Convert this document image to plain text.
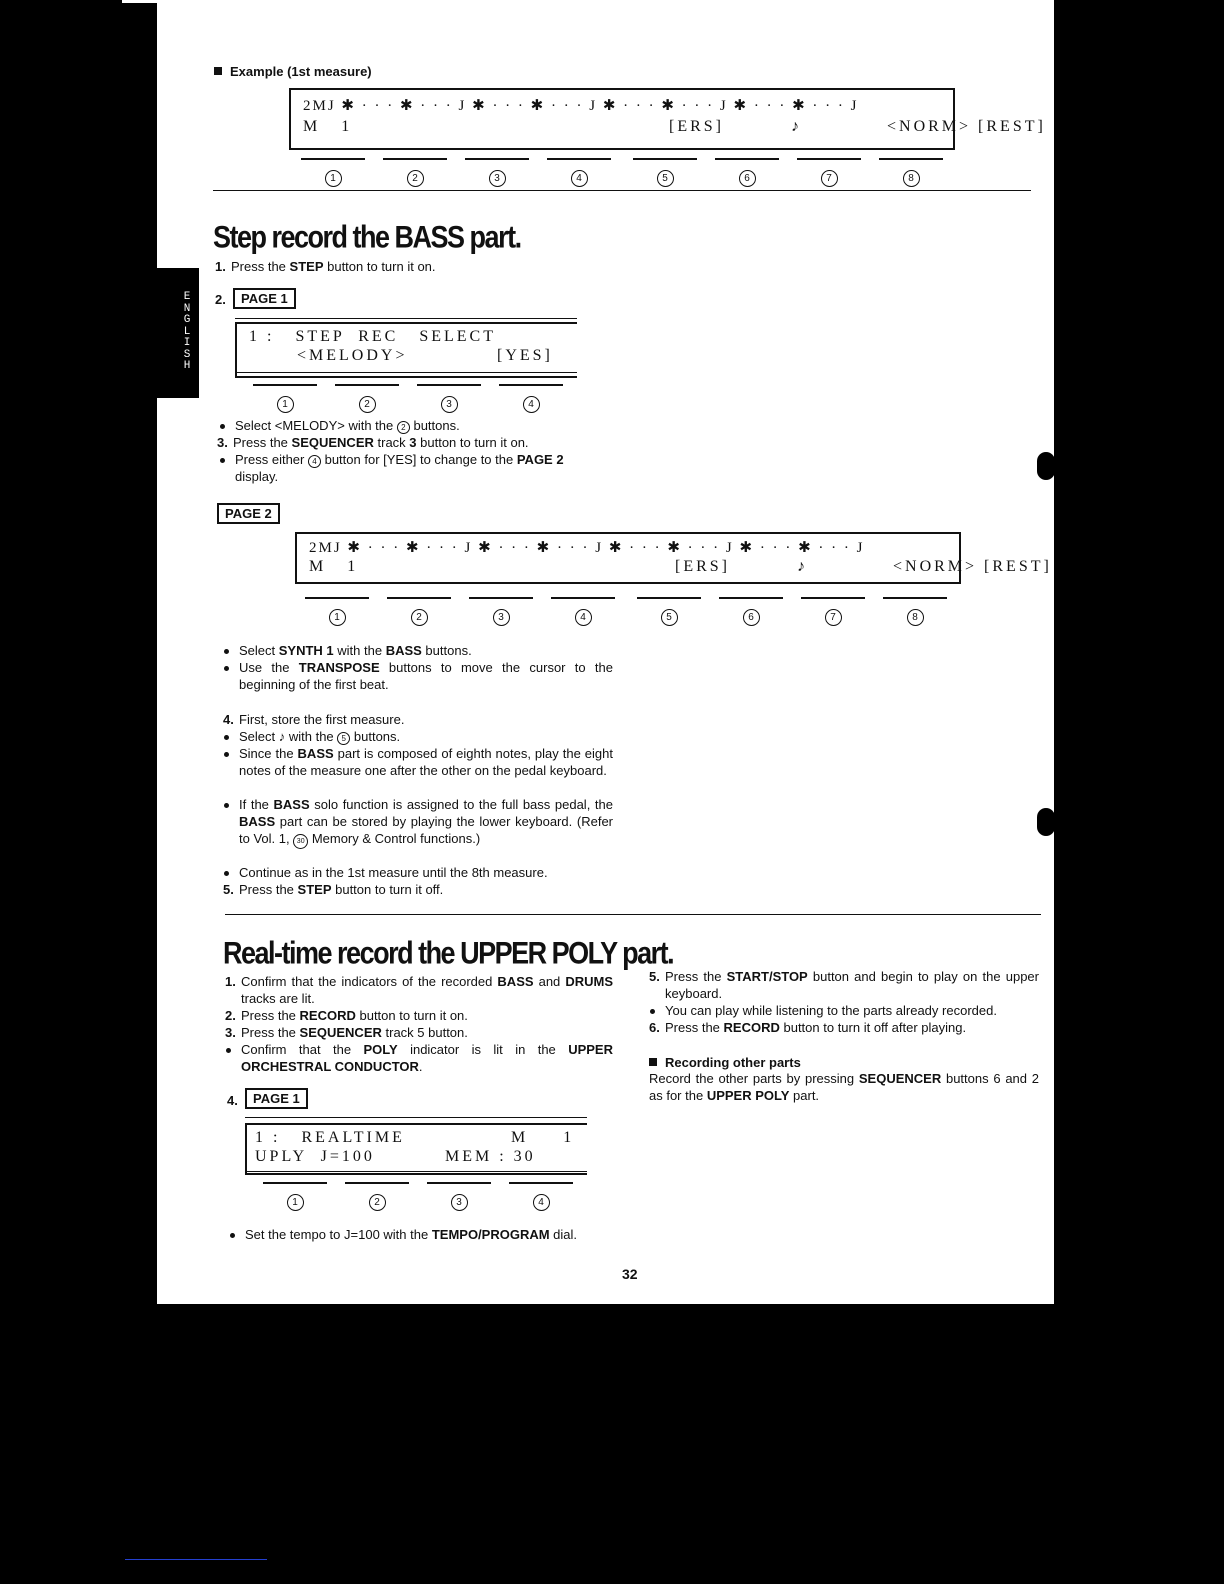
Example (1st measure)

2MJ ✱ · · · ✱ · · · J ✱ · · · ✱ · · · J ✱ · · · ✱ · · · J ✱ · · · ✱ · · · J

M   1

	[ERS]

	♪

	<NORM> [REST]

1	2	3	4	5	6	7	8
Step record the BASS part.
1. Press the STEP button to turn it on.
2.	PAGE 1

1 :   STEP  REC   SELECT

<MELODY>

	[YES]

1	2	3	4
Select <MELODY> with the 2 buttons.
3. Press the SEQUENCER track 3 button to turn it on.
Press either 4 button for [YES] to change to the PAGE 2
display.
PAGE 2

2MJ ✱ · · · ✱ · · · J ✱ · · · ✱ · · · J ✱ · · · ✱ · · · J ✱ · · · ✱ · · · J

M   1

	[ERS]

	♪

	<NORM> [REST]

1	2	3	4	5	6	7	8
Select SYNTH 1 with the BASS buttons.
Use the TRANSPOSE buttons to move the cursor to the beginning of the first beat.
4. First, store the first measure.
Select ♪ with the 5 buttons.
Since the BASS part is composed of eighth notes, play the eight notes of the measure one after the other on the pedal keyboard.
If the BASS solo function is assigned to the full bass pedal, the BASS part can be stored by playing the lower keyboard. (Refer to Vol. 1, 30 Memory & Control functions.)
Continue as in the 1st measure until the 8th measure.
5. Press the STEP button to turn it off.
Real-time record the UPPER POLY part.
1. Confirm that the indicators of the recorded BASS and DRUMS tracks are lit.
2. Press the RECORD button to turn it on.
3. Press the SEQUENCER track 5 button.
Confirm that the POLY indicator is lit in the UPPER ORCHESTRAL CONDUCTOR.
4.	PAGE 1

1 :   REALTIME

	M     1

UPLY  J=100

	MEM : 30

1	2	3	4
Set the tempo to J=100 with the TEMPO/PROGRAM dial.
5. Press the START/STOP button and begin to play on the upper keyboard.
You can play while listening to the parts already recorded.
6. Press the RECORD button to turn it off after playing.
Recording other parts
Record the other parts by pressing SEQUENCER buttons 6 and 2 as for the UPPER POLY part.
32
ENGLISH
